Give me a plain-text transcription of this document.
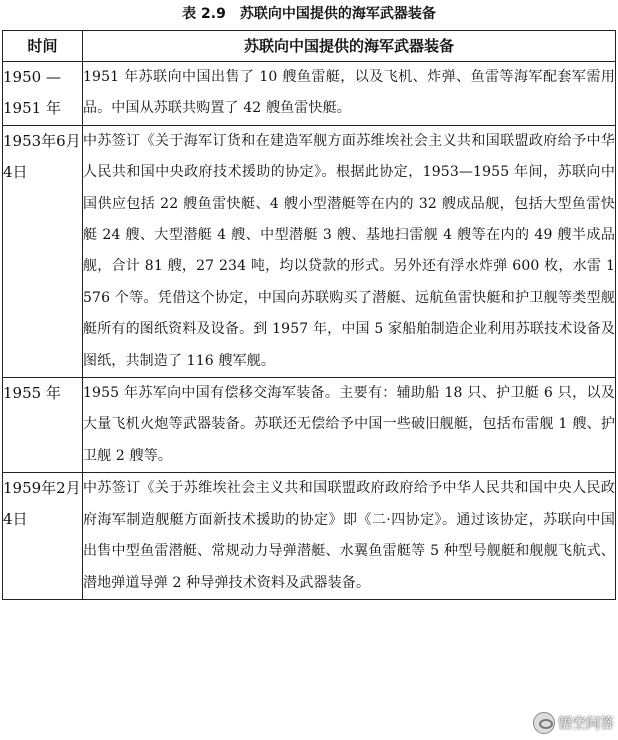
表 2.9　苏联向中国提供的海军武器装备
时间	苏联向中国提供的海军武器装备
1950 —1951 年	1951 年苏联向中国出售了 10 艘鱼雷艇，以及飞机、炸弹、鱼雷等海军配套军需用品。中国从苏联共购置了 42 艘鱼雷快艇。
1953年6月4日	中苏签订《关于海军订货和在建造军舰方面苏维埃社会主义共和国联盟政府给予中华人民共和国中央政府技术援助的协定》。根据此协定，1953—1955 年间，苏联向中国供应包括 22 艘鱼雷快艇、4 艘小型潜艇等在内的 32 艘成品舰，包括大型鱼雷快艇 24 艘、大型潜艇 4 艘、中型潜艇 3 艘、基地扫雷舰 4 艘等在内的 49 艘半成品舰，合计 81 艘，27 234 吨，均以贷款的形式。另外还有浮水炸弹 600 枚，水雷 1 576 个等。凭借这个协定，中国向苏联购买了潜艇、远航鱼雷快艇和护卫舰等类型舰艇所有的图纸资料及设备。到 1957 年，中国 5 家船舶制造企业利用苏联技术设备及图纸，共制造了 116 艘军舰。
1955 年	1955 年苏军向中国有偿移交海军装备。主要有：辅助船 18 只、护卫艇 6 只，以及大量飞机火炮等武器装备。苏联还无偿给予中国一些破旧舰艇，包括布雷舰 1 艘、护卫舰 2 艘等。
1959年2月4日	中苏签订《关于苏维埃社会主义共和国联盟政府政府给予中华人民共和国中央人民政府海军制造舰艇方面新技术援助的协定》即《二·四协定》。通过该协定，苏联向中国出售中型鱼雷潜艇、常规动力导弹潜艇、水翼鱼雷艇等 5 种型号舰艇和舰舰飞航式、潜地弹道导弹 2 种导弹技术资料及武器装备。
悟空问答
